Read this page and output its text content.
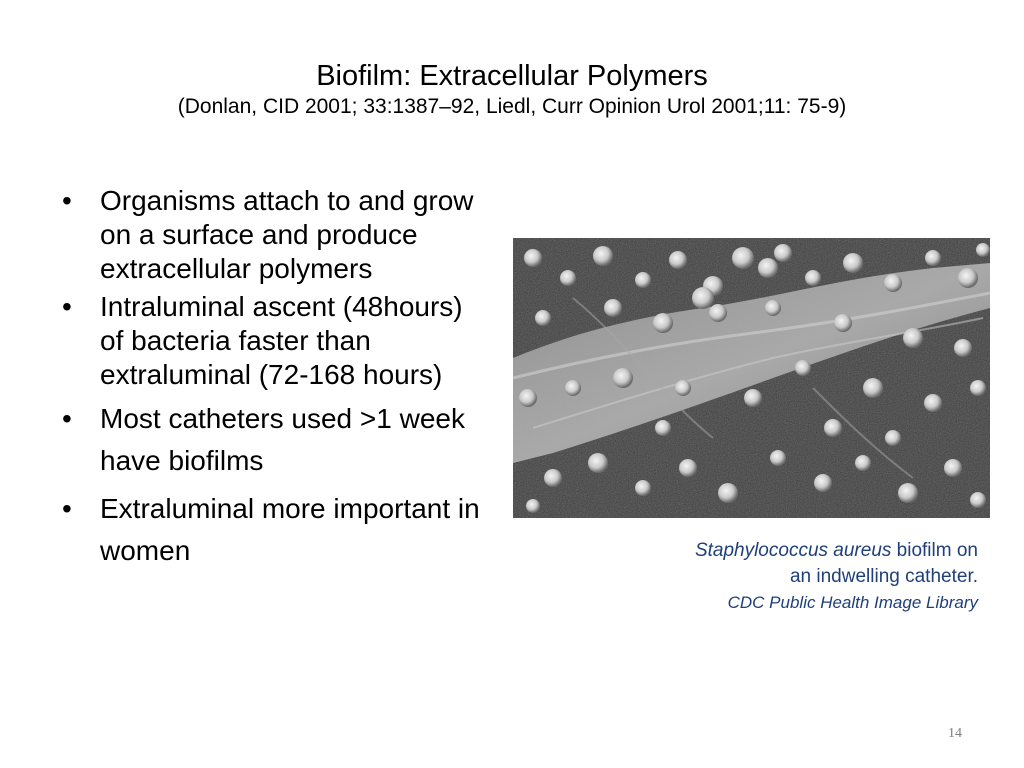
Biofilm: Extracellular Polymers
(Donlan, CID 2001; 33:1387–92, Liedl, Curr Opinion Urol 2001;11: 75-9)
• Organisms attach to and grow on a surface and produce extracellular polymers
• Intraluminal ascent (48hours) of bacteria faster than extraluminal (72-168 hours)
• Most catheters used >1 week have biofilms
• Extraluminal more important in women	Staphylococcus aureus biofilm on
an indwelling catheter.
CDC Public Health Image Library
14
